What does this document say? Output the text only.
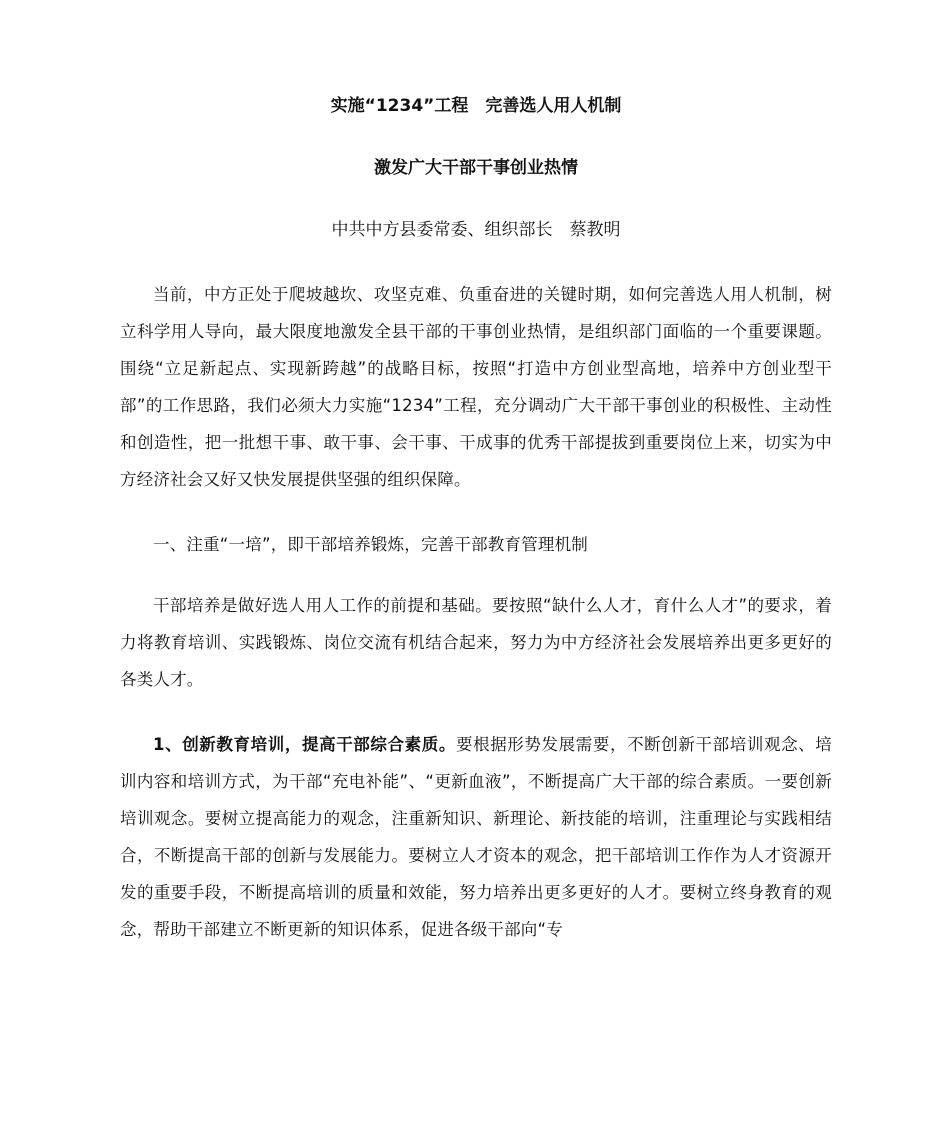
实施“1234”工程　完善选人用人机制

激发广大干部干事创业热情

中共中方县委常委、组织部长　蔡教明

当前，中方正处于爬坡越坎、攻坚克难、负重奋进的关键时期，如何完善选人用人机制，树立科学用人导向，最大限度地激发全县干部的干事创业热情，是组织部门面临的一个重要课题。围绕“立足新起点、实现新跨越”的战略目标，按照“打造中方创业型高地，培养中方创业型干部”的工作思路，我们必须大力实施“1234”工程，充分调动广大干部干事创业的积极性、主动性和创造性，把一批想干事、敢干事、会干事、干成事的优秀干部提拔到重要岗位上来，切实为中方经济社会又好又快发展提供坚强的组织保障。

一、注重“一培”，即干部培养锻炼，完善干部教育管理机制

干部培养是做好选人用人工作的前提和基础。要按照“缺什么人才，育什么人才”的要求，着力将教育培训、实践锻炼、岗位交流有机结合起来，努力为中方经济社会发展培养出更多更好的各类人才。

1、创新教育培训，提高干部综合素质。要根据形势发展需要，不断创新干部培训观念、培训内容和培训方式，为干部“充电补能”、“更新血液”，不断提高广大干部的综合素质。一要创新培训观念。要树立提高能力的观念，注重新知识、新理论、新技能的培训，注重理论与实践相结合，不断提高干部的创新与发展能力。要树立人才资本的观念，把干部培训工作作为人才资源开发的重要手段，不断提高培训的质量和效能，努力培养出更多更好的人才。要树立终身教育的观念，帮助干部建立不断更新的知识体系，促进各级干部向“专
